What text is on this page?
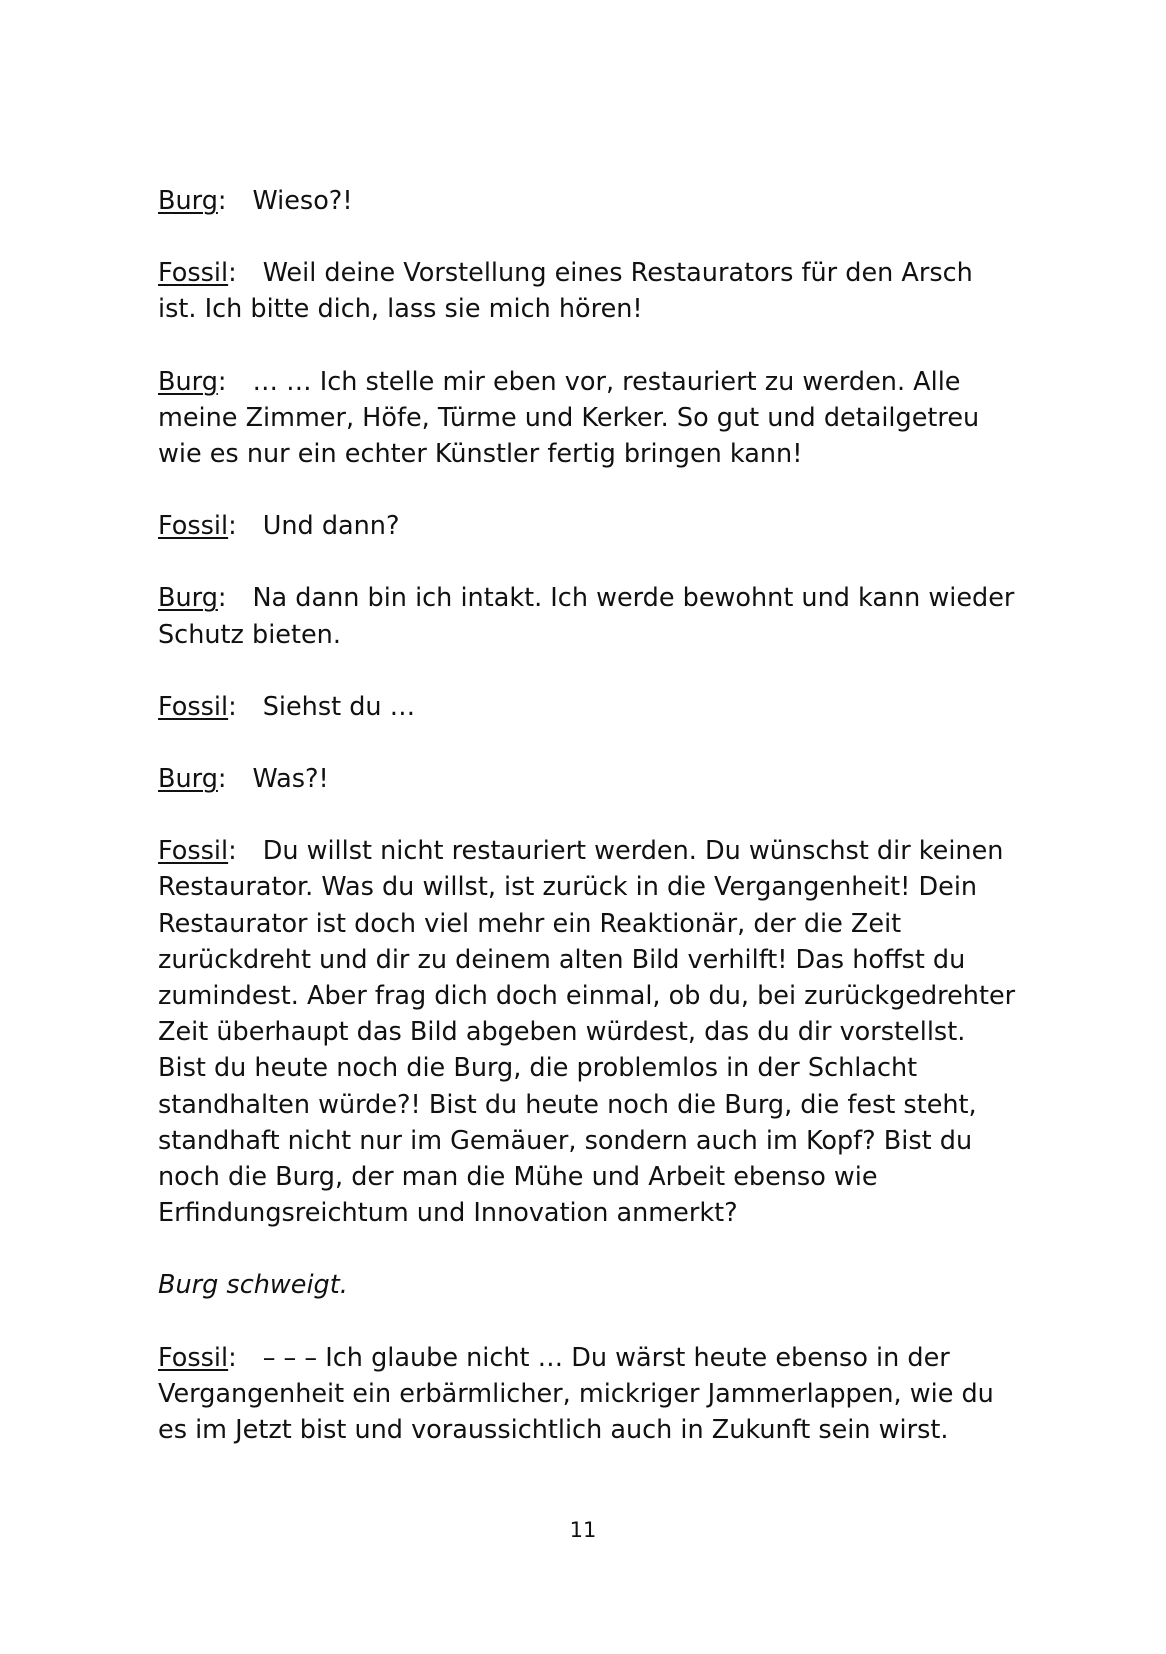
Burg: Wieso?!

Fossil: Weil deine Vorstellung eines Restaurators für den Arsch ist. Ich bitte dich, lass sie mich hören!

Burg: … … Ich stelle mir eben vor, restauriert zu werden. Alle meine Zimmer, Höfe, Türme und Kerker. So gut und detailgetreu wie es nur ein echter Künstler fertig bringen kann!

Fossil: Und dann?

Burg: Na dann bin ich intakt. Ich werde bewohnt und kann wieder Schutz bieten.

Fossil: Siehst du …

Burg: Was?!

Fossil: Du willst nicht restauriert werden. Du wünschst dir keinen Restaurator. Was du willst, ist zurück in die Vergangenheit! Dein Restaurator ist doch viel mehr ein Reaktionär, der die Zeit zurückdreht und dir zu deinem alten Bild verhilft! Das hoffst du zumindest. Aber frag dich doch einmal, ob du, bei zurückgedrehter Zeit überhaupt das Bild abgeben würdest, das du dir vorstellst. Bist du heute noch die Burg, die problemlos in der Schlacht standhalten würde?! Bist du heute noch die Burg, die fest steht, standhaft nicht nur im Gemäuer, sondern auch im Kopf? Bist du noch die Burg, der man die Mühe und Arbeit ebenso wie Erfindungsreichtum und Innovation anmerkt?

Burg schweigt.

Fossil: – – – Ich glaube nicht … Du wärst heute ebenso in der Vergangenheit ein erbärmlicher, mickriger Jammerlappen, wie du es im Jetzt bist und voraussichtlich auch in Zukunft sein wirst.

11
